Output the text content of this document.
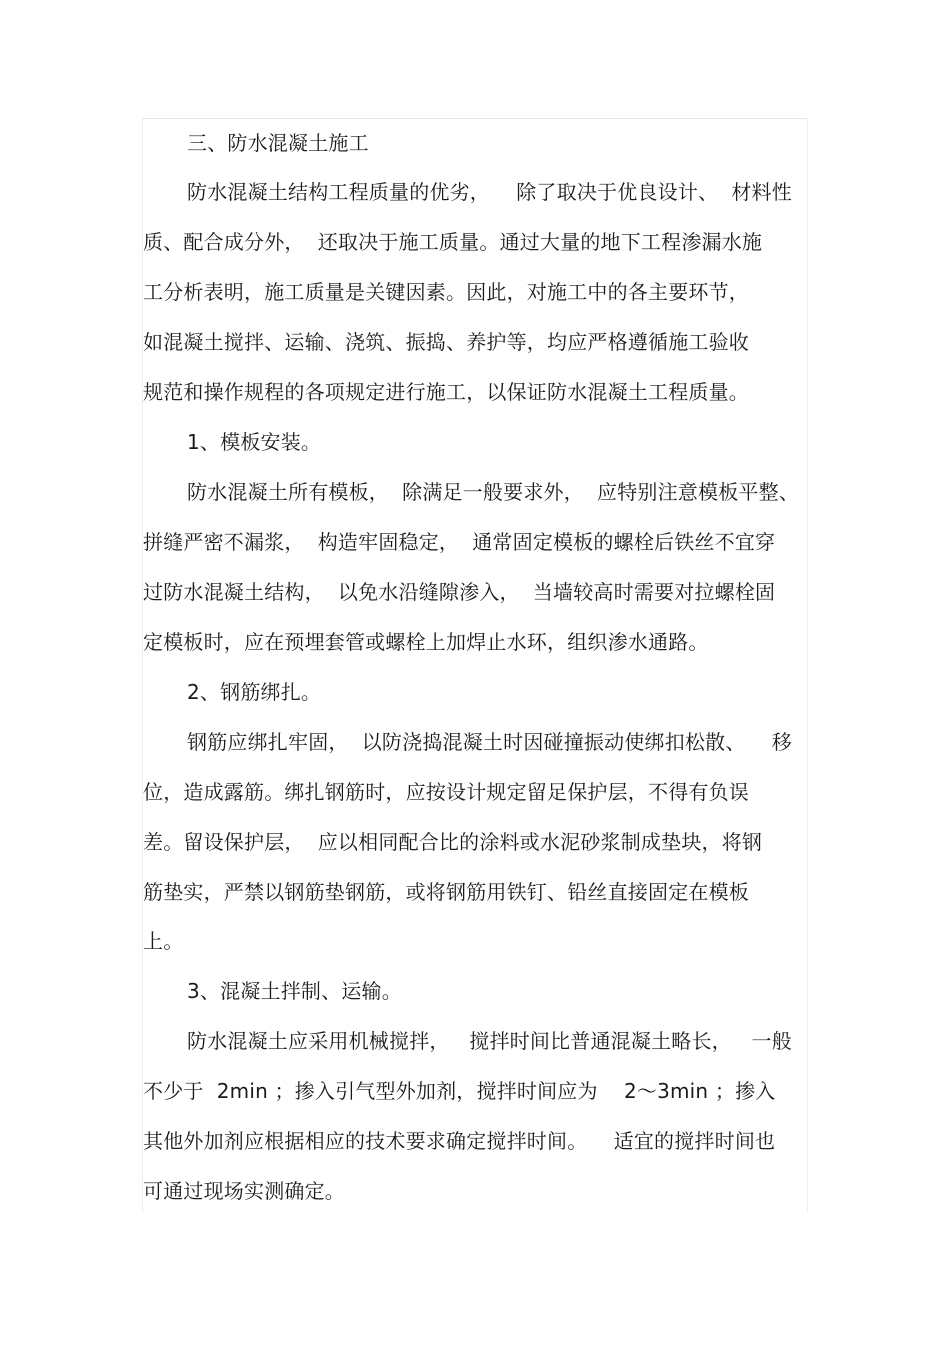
三、防水混凝土施工
防水混凝土结构工程质量的优劣，    除了取决于优良设计、  材料性
质、配合成分外，  还取决于施工质量。通过大量的地下工程渗漏水施
工分析表明，施工质量是关键因素。因此，对施工中的各主要环节，
如混凝土搅拌、运输、浇筑、振捣、养护等，均应严格遵循施工验收
规范和操作规程的各项规定进行施工，以保证防水混凝土工程质量。
1、模板安装。
防水混凝土所有模板，  除满足一般要求外，  应特别注意模板平整、
拼缝严密不漏浆，  构造牢固稳定，  通常固定模板的螺栓后铁丝不宜穿
过防水混凝土结构，  以免水沿缝隙渗入，  当墙较高时需要对拉螺栓固
定模板时，应在预埋套管或螺栓上加焊止水环，组织渗水通路。
2、钢筋绑扎。
钢筋应绑扎牢固，  以防浇捣混凝土时因碰撞振动使绑扣松散、    移
位，造成露筋。绑扎钢筋时，应按设计规定留足保护层，不得有负误
差。留设保护层，  应以相同配合比的涂料或水泥砂浆制成垫块，将钢
筋垫实，严禁以钢筋垫钢筋，或将钢筋用铁钉、铅丝直接固定在模板
上。
3、混凝土拌制、运输。
防水混凝土应采用机械搅拌，   搅拌时间比普通混凝土略长，   一般
不少于  2min ；掺入引气型外加剂，搅拌时间应为    2～3min ；掺入
其他外加剂应根据相应的技术要求确定搅拌时间。    适宜的搅拌时间也
可通过现场实测确定。
